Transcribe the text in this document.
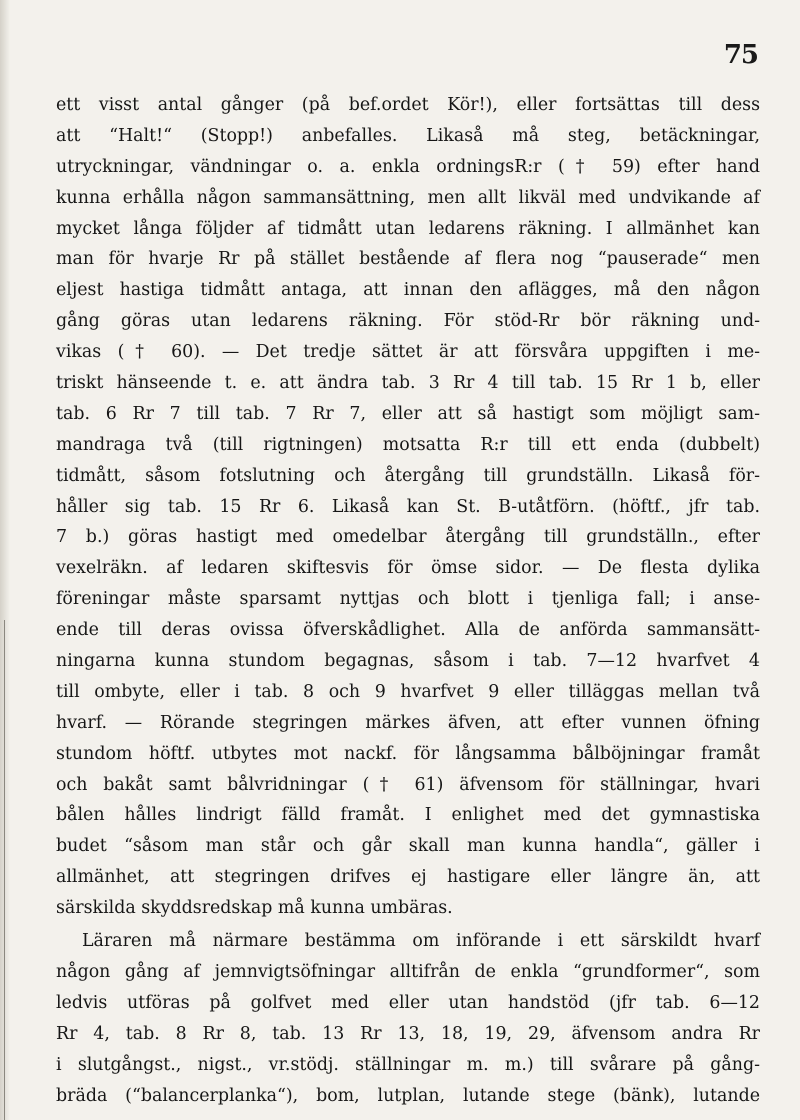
75
ett visst antal gånger (på bef.ordet Kör!), eller fortsättas till dess
att “Halt!“ (Stopp!) anbefalles. Likaså må steg, betäckningar,
utryckningar, vändningar o. a. enkla ordningsR:r († 59) efter hand
kunna erhålla någon sammansättning, men allt likväl med undvikande af
mycket långa följder af tidmått utan ledarens räkning. I allmänhet kan
man för hvarje Rr på stället bestående af flera nog “pauserade“ men
eljest hastiga tidmått antaga, att innan den aflägges, må den någon
gång göras utan ledarens räkning. För stöd-Rr bör räkning und-
vikas († 60). — Det tredje sättet är att försvåra uppgiften i me-
triskt hänseende t. e. att ändra tab. 3 Rr 4 till tab. 15 Rr 1 b, eller
tab. 6 Rr 7 till tab. 7 Rr 7, eller att så hastigt som möjligt sam-
mandraga två (till rigtningen) motsatta R:r till ett enda (dubbelt)
tidmått, såsom fotslutning och återgång till grundställn. Likaså för-
håller sig tab. 15 Rr 6. Likaså kan St. B-utåtförn. (höftf., jfr tab.
7 b.) göras hastigt med omedelbar återgång till grundställn., efter
vexelräkn. af ledaren skiftesvis för ömse sidor. — De flesta dylika
föreningar måste sparsamt nyttjas och blott i tjenliga fall; i anse-
ende till deras ovissa öfverskådlighet. Alla de anförda sammansätt-
ningarna kunna stundom begagnas, såsom i tab. 7—12 hvarfvet 4
till ombyte, eller i tab. 8 och 9 hvarfvet 9 eller tilläggas mellan två
hvarf. — Rörande stegringen märkes äfven, att efter vunnen öfning
stundom höftf. utbytes mot nackf. för långsamma bålböjningar framåt
och bakåt samt bålvridningar († 61) äfvensom för ställningar, hvari
bålen hålles lindrigt fälld framåt. I enlighet med det gymnastiska
budet “såsom man står och går skall man kunna handla“, gäller i
allmänhet, att stegringen drifves ej hastigare eller längre än, att
särskilda skyddsredskap må kunna umbäras.
Läraren må närmare bestämma om införande i ett särskildt hvarf
någon gång af jemnvigtsöfningar alltifrån de enkla “grundformer“, som
ledvis utföras på golfvet med eller utan handstöd (jfr tab. 6—12
Rr 4, tab. 8 Rr 8, tab. 13 Rr 13, 18, 19, 29, äfvensom andra Rr
i slutgångst., nigst., vr.stödj. ställningar m. m.) till svårare på gång-
bräda (“balancerplanka“), bom, lutplan, lutande stege (bänk), lutande
